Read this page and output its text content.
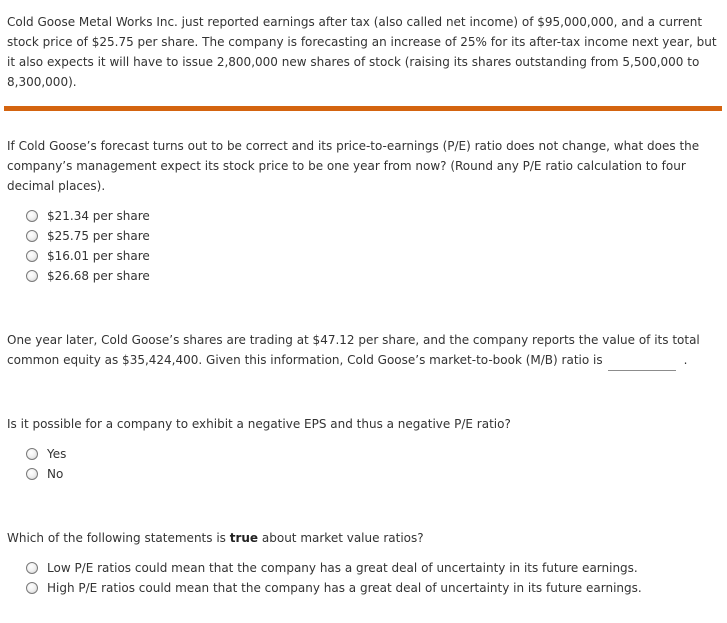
Cold Goose Metal Works Inc. just reported earnings after tax (also called net income) of $95,000,000, and a current stock price of $25.75 per share. The company is forecasting an increase of 25% for its after-tax income next year, but it also expects it will have to issue 2,800,000 new shares of stock (raising its shares outstanding from 5,500,000 to 8,300,000).

If Cold Goose’s forecast turns out to be correct and its price-to-earnings (P/E) ratio does not change, what does the company’s management expect its stock price to be one year from now? (Round any P/E ratio calculation to four decimal places).

$21.34 per share
$25.75 per share
$16.01 per share
$26.68 per share

One year later, Cold Goose’s shares are trading at $47.12 per share, and the company reports the value of its total common equity as $35,424,400. Given this information, Cold Goose’s market-to-book (M/B) ratio is	.

Is it possible for a company to exhibit a negative EPS and thus a negative P/E ratio?

Yes
No

Which of the following statements is true about market value ratios?

Low P/E ratios could mean that the company has a great deal of uncertainty in its future earnings.
High P/E ratios could mean that the company has a great deal of uncertainty in its future earnings.
